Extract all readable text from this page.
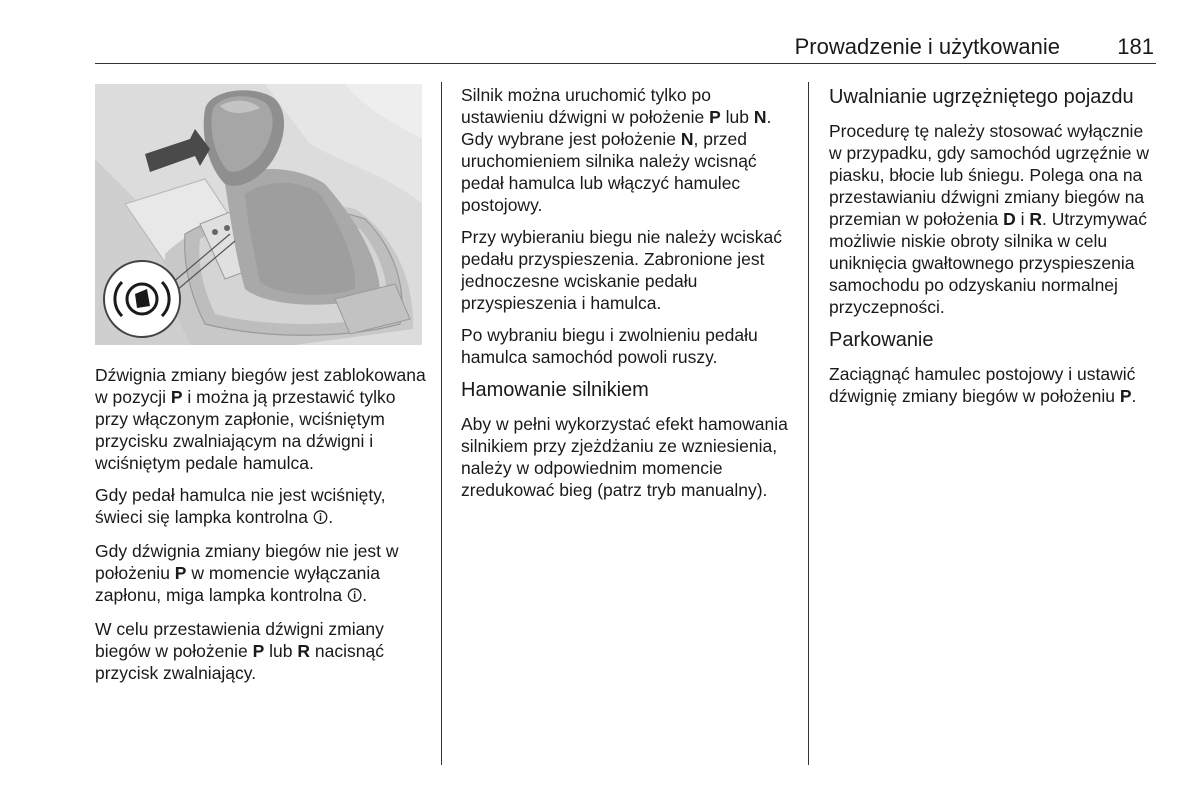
Prowadzenie i użytkowanie	181

Dźwignia zmiany biegów jest zablokowana w pozycji P i można ją przestawić tylko przy włączonym zapłonie, wciśniętym przycisku zwalniającym na dźwigni i wciśniętym pedale hamulca.

Gdy pedał hamulca nie jest wciśnięty, świeci się lampka kontrolna 🛈.

Gdy dźwignia zmiany biegów nie jest w położeniu P w momencie wyłączania zapłonu, miga lampka kontrolna 🛈.

W celu przestawienia dźwigni zmiany biegów w położenie P lub R nacisnąć przycisk zwalniający.

Silnik można uruchomić tylko po ustawieniu dźwigni w położenie P lub N. Gdy wybrane jest położenie N, przed uruchomieniem silnika należy wcisnąć pedał hamulca lub włączyć hamulec postojowy.

Przy wybieraniu biegu nie należy wciskać pedału przyspieszenia. Zabronione jest jednoczesne wciskanie pedału przyspieszenia i hamulca.

Po wybraniu biegu i zwolnieniu pedału hamulca samochód powoli ruszy.

Hamowanie silnikiem

Aby w pełni wykorzystać efekt hamowania silnikiem przy zjeżdżaniu ze wzniesienia, należy w odpowiednim momencie zredukować bieg (patrz tryb manualny).

Uwalnianie ugrzężniętego pojazdu

Procedurę tę należy stosować wyłącznie w przypadku, gdy samochód ugrzęźnie w piasku, błocie lub śniegu. Polega ona na przestawianiu dźwigni zmiany biegów na przemian w położenia D i R. Utrzymywać możliwie niskie obroty silnika w celu uniknięcia gwałtownego przyspieszenia samochodu po odzyskaniu normalnej przyczepności.

Parkowanie

Zaciągnąć hamulec postojowy i ustawić dźwignię zmiany biegów w położeniu P.
